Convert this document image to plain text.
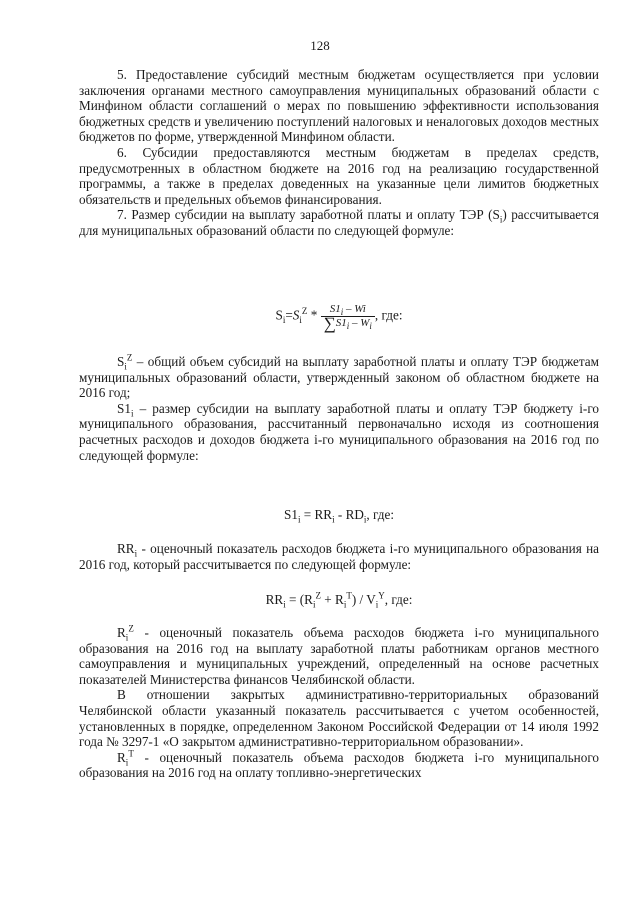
128

5. Предоставление субсидий местным бюджетам осуществляется при условии заключения органами местного самоуправления муниципальных образований области с Минфином области соглашений о мерах по повышению эффективности использования бюджетных средств и увеличению поступлений налоговых и неналоговых доходов местных бюджетов по форме, утвержденной Минфином области.

6. Субсидии предоставляются местным бюджетам в пределах средств, предусмотренных в областном бюджете на 2016 год на реализацию государственной программы, а также в пределах доведенных на указанные цели лимитов бюджетных обязательств и предельных объемов финансирования.

7. Размер субсидии на выплату заработной платы и оплату ТЭР $(S_i)$ рассчитывается для муниципальных образований области по следующей формуле:

$S_i=S_i^Z * \frac{S1_i - Wi}{\sum S1_i - W_i}$ , где:

$S_i^Z$ – общий объем субсидий на выплату заработной платы и оплату ТЭР бюджетам муниципальных образований области, утвержденный законом об областном бюджете на 2016 год;

$S1_i$ – размер субсидии на выплату заработной платы и оплату ТЭР бюджету i-го муниципального образования, рассчитанный первоначально исходя из соотношения расчетных расходов и доходов бюджета i-го муниципального образования на 2016 год по следующей формуле:

$S1_i = RR_i - RD_i$, где:

$RR_i$ - оценочный показатель расходов бюджета i-го муниципального образования на 2016 год, который рассчитывается по следующей формуле:

$RR_i = (R_i^Z + R_i^T) / V_i^Y$, где:

$R_i^Z$ - оценочный показатель объема расходов бюджета i-го муниципального образования на 2016 год на выплату заработной платы работникам органов местного самоуправления и муниципальных учреждений, определенный на основе расчетных показателей Министерства финансов Челябинской области.

В отношении закрытых административно-территориальных образований Челябинской области указанный показатель рассчитывается с учетом особенностей, установленных в порядке, определенном Законом Российской Федерации от 14 июля 1992 года № 3297-1 «О закрытом административно-территориальном образовании».

$R_i^T$ - оценочный показатель объема расходов бюджета i-го муниципального образования на 2016 год на оплату топливно-энергетических
